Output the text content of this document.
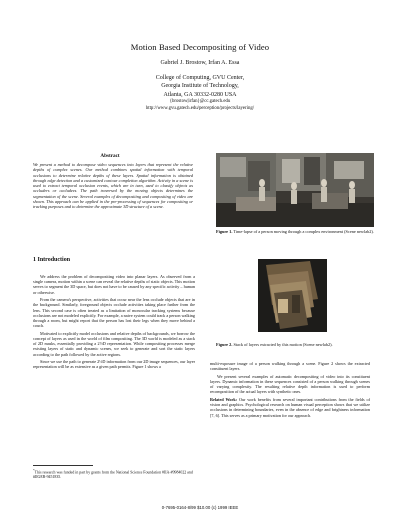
Motion Based Decompositing of Video
Gabriel J. Brostow, Irfan A. Essa
College of Computing, GVU Center,
Georgia Institute of Technology,
Atlanta, GA 30332-0280 USA
{brostow|irfan}@cc.gatech.edu
http://www.gvu.gatech.edu/perception/projects/layering/
Abstract
We present a method to decompose video sequences into layers that represent the relative depths of complex scenes. Our method combines spatial information with temporal occlusions to determine relative depths of these layers. Spatial information is obtained through edge detection and a customized contour completion algorithm. Activity in a scene is used to extract temporal occlusion events, which are in turn, used to classify objects as occluders or occludees. The path traversed by the moving objects determines the segmentation of the scene. Several examples of decompositing and compositing of video are shown. This approach can be applied in the pre-processing of sequences for compositing or tracking purposes and to determine the approximate 3D structure of a scene.
Figure 1. Time-lapse of a person moving through a complex environment (Scene newlab2).
Figure 2. Stack of layers extracted by this motion (Scene newlab2).
1 Introduction

We address the problem of decompositing video into planar layers. As observed from a single camera, motion within a scene can reveal the relative depths of static objects. This motion serves to segment the 3D space, but does not have to be caused by any specific activity – human or otherwise.

From the camera's perspective, activities that occur near the lens occlude objects that are in the background. Similarly, foreground objects occlude activities taking place farther from the lens. This second case is often treated as a limitation of monocular tracking systems because occlusions are not modeled explicitly. For example, a naive system could track a person walking through a room, but might report that the person has lost their legs when they move behind a couch.

Motivated to explicitly model occlusions and relative depths of backgrounds, we borrow the concept of layers as used in the world of film compositing. The 3D world is modeled as a stack of 2D masks, essentially providing a 2½D representation. While compositing processes merge existing layers of static and dynamic scenes, we seek to generate and sort the static layers according to the path followed by the active regions.

Since we use the path to generate 2½D information from our 2D image sequences, our layer representation will be as extensive as a given path permits. Figure 1 shows a

*This research was funded in part by grants from the National Science Foundation #IIA-#9984022 and #IIGER-9451835.

multi-exposure image of a person walking through a scene. Figure 2 shows the extracted constituent layers.

We present several examples of automatic decompositing of video into its constituent layers. Dynamic information in these sequences consisted of a person walking through scenes of varying complexity. The resulting relative depth information is used to perform recomposition of the actual layers with synthetic ones.

Related Work: Our work benefits from several important contributions from the fields of vision and graphics. Psychological research on human visual perception shows that we utilize occlusions in determining boundaries, even in the absence of edge and brightness information [7, 6]. This serves as a primary motivation for our approach.

0-7695-0164-8/99 $10.00 (c) 1999 IEEE
